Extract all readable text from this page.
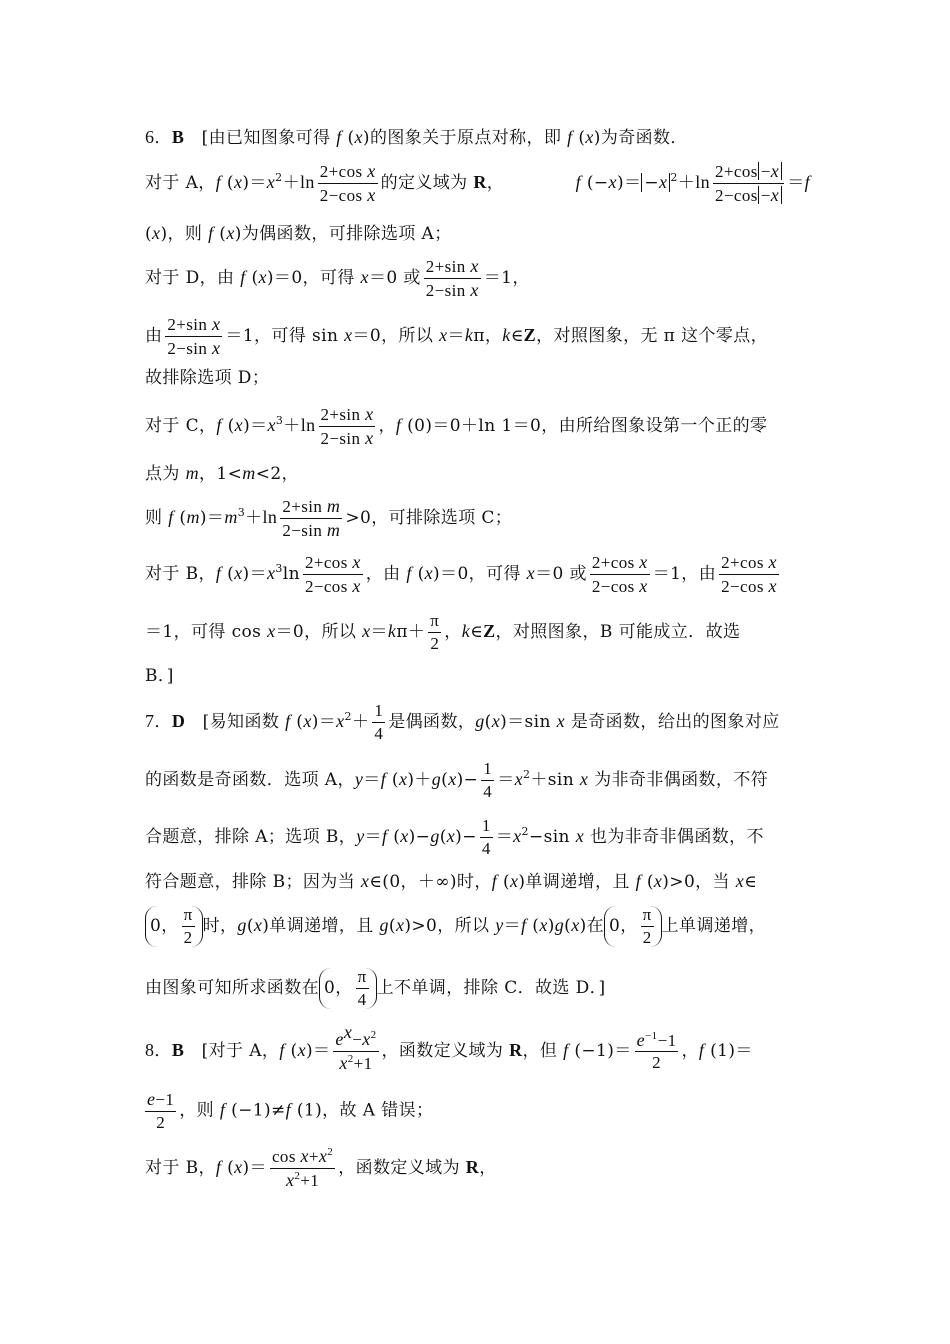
6．B　[由已知图象可得 f (x)的图象关于原点对称，即 f (x)为奇函数．
对于 A，f $(x)=x^2+\ln \frac{\text{2+cos x}}{\text{2−cos x}}$ 的定义域为 R，	f (−x)＝ −x $^2+\ln \frac{2+\cos -x}{2-\cos -x} =f$
(x)，则 f (x)为偶函数，可排除选项 A；
对于 D，由 f (x)＝0，可得 x＝0 或 $\frac{\text{2+sin x}}{\text{2−sin x}} =1$，
由 $\frac{\text{2+sin x}}{\text{2−sin x}} =1$，可得 sin x＝0，所以 x＝kπ，k∈Z，对照图象，无 π 这个零点，
故排除选项 D；
对于 C，f $(x)=x^3+\ln \frac{\text{2+sin x}}{\text{2−sin x}}$ ，f (0)＝0＋ln 1＝0，由所给图象设第一个正的零
点为 m，1<m<2，
则 f $(m)=m^3+\ln \frac{\text{2+sin m}}{\text{2−sin m}} >0$，可排除选项 C；
对于 B，f $(x)=x^3\ln \frac{\text{2+cos x}}{\text{2−cos x}}$ ，由 f (x)＝0，可得 x＝0 或 $\frac{\text{2+cos x}}{\text{2−cos x}} =1$，由 $\frac{\text{2+cos x}}{\text{2−cos x}}$
＝1，可得 cos x＝0，所以 $x=k\pi+ \frac{\pi}{2}$ ，k∈Z，对照图象，B 可能成立．故选
B．]
7．D　[易知函数 f $(x)=x^2+ \frac{1}{4}$ 是偶函数，g(x)＝sin x 是奇函数，给出的图象对应
的函数是奇函数．选项 A，y＝f $(x)+g(x)- \frac{1}{4} =x^2+\sin$ x 为非奇非偶函数，不符
合题意，排除 A；选项 B，y＝f $(x)-g(x)- \frac{1}{4} =x^2-\sin$ x 也为非奇非偶函数，不
符合题意，排除 B；因为当 x∈(0，＋∞)时，f (x)单调递增，且 f (x)>0，当 x∈
0， $\frac{\pi}{2}$ 时，g(x)单调递增，且 g(x)>0，所以 y＝f (x)g(x)在 0， $\frac{\pi}{2}$ 上单调递增，
由图象可知所求函数在 0， $\frac{\pi}{4}$ 上不单调，排除 C．故选 D．]
8．B　[对于 A，f $(x)= \frac{e^x-x^2}{x^2+1}$ ，函数定义域为 R，但 f $(-1)= \frac{e^{-1}-1}{2}$ ，f (1)＝
$\frac{e-1}{2}$ ，则 f (−1)≠f (1)，故 A 错误；
对于 B，f $(x)= \frac{\cos x+x^2}{x^2+1}$ ，函数定义域为 R，
